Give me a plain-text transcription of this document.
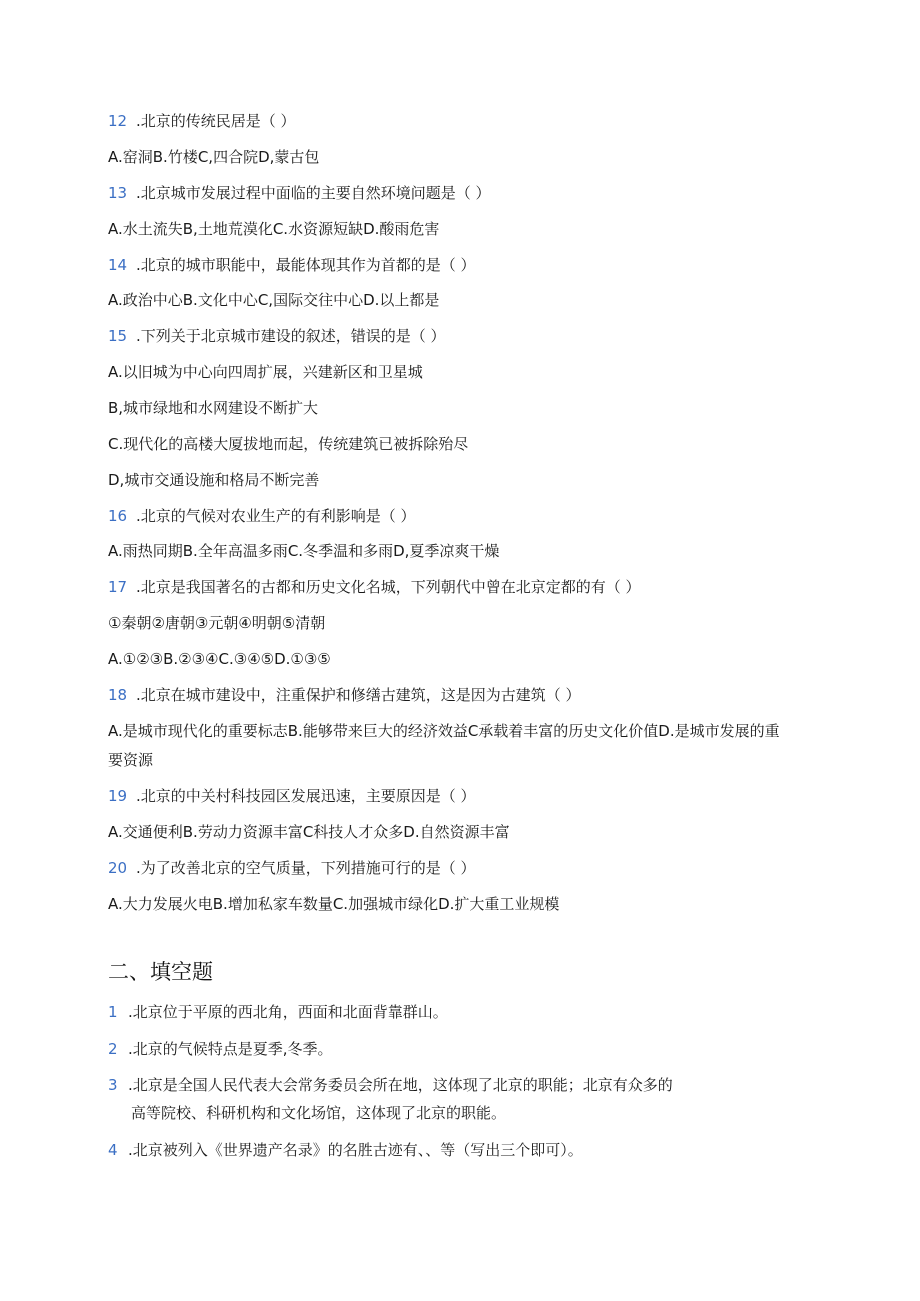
12 .北京的传统民居是（ ）
A.窑洞B.竹楼C,四合院D,蒙古包
13 .北京城市发展过程中面临的主要自然环境问题是（ ）
A.水土流失B,土地荒漠化C.水资源短缺D.酸雨危害
14 .北京的城市职能中，最能体现其作为首都的是（ ）
A.政治中心B.文化中心C,国际交往中心D.以上都是
15 .下列关于北京城市建设的叙述，错误的是（ ）
A.以旧城为中心向四周扩展，兴建新区和卫星城
B,城市绿地和水网建设不断扩大
C.现代化的高楼大厦拔地而起，传统建筑已被拆除殆尽
D,城市交通设施和格局不断完善
16 .北京的气候对农业生产的有利影响是（ ）
A.雨热同期B.全年高温多雨C.冬季温和多雨D,夏季凉爽干燥
17 .北京是我国著名的古都和历史文化名城，下列朝代中曾在北京定都的有（ ）
①秦朝②唐朝③元朝④明朝⑤清朝
A.①②③B.②③④C.③④⑤D.①③⑤
18 .北京在城市建设中，注重保护和修缮古建筑，这是因为古建筑（ ）
A.是城市现代化的重要标志B.能够带来巨大的经济效益C承载着丰富的历史文化价值D.是城市发展的重
要资源
19 .北京的中关村科技园区发展迅速，主要原因是（ ）
A.交通便利B.劳动力资源丰富C科技人才众多D.自然资源丰富
20 .为了改善北京的空气质量，下列措施可行的是（ ）
A.大力发展火电B.增加私家车数量C.加强城市绿化D.扩大重工业规模
二、填空题
1 .北京位于平原的西北角，西面和北面背靠群山。
2 .北京的气候特点是夏季,冬季。
3 .北京是全国人民代表大会常务委员会所在地，这体现了北京的职能；北京有众多的
高等院校、科研机构和文化场馆，这体现了北京的职能。
4 .北京被列入《世界遗产名录》的名胜古迹有、、等（写出三个即可）。
